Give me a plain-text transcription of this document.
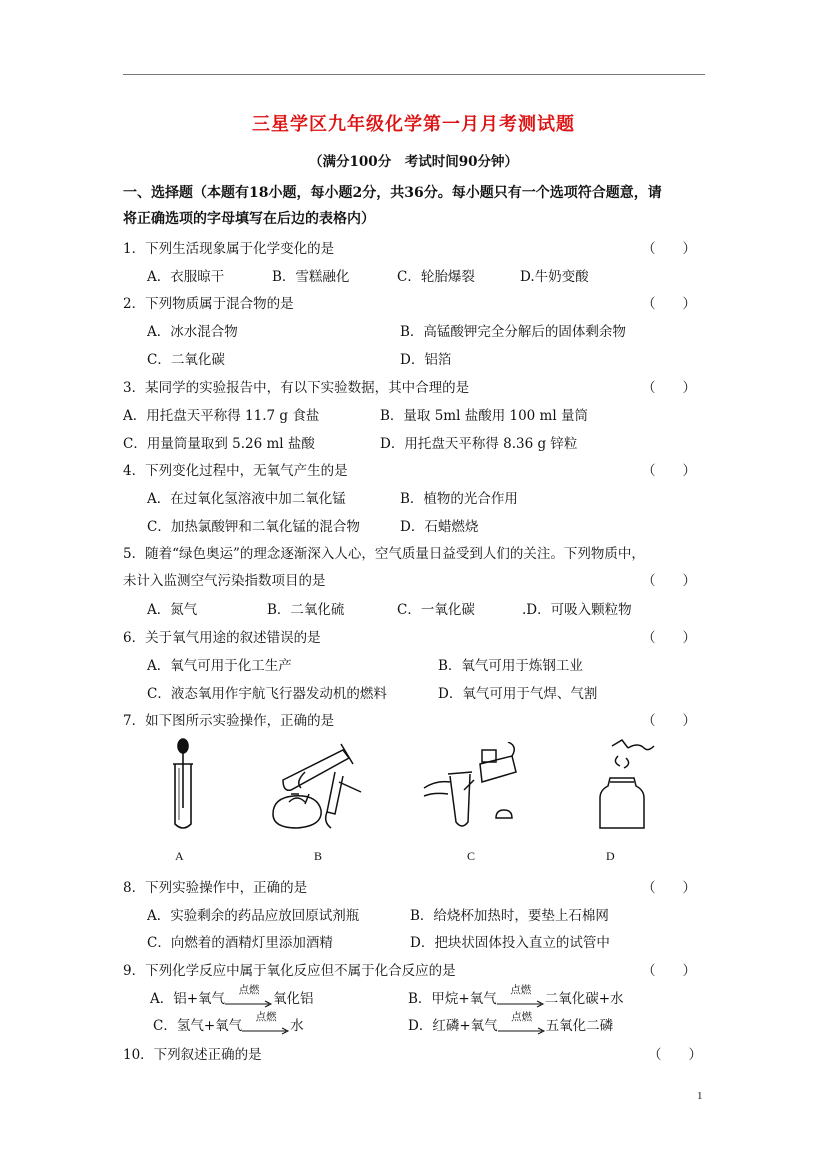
三星学区九年级化学第一月月考测试题
（满分100分　考试时间90分钟）
一、选择题（本题有18小题，每小题2分，共36分。每小题只有一个选项符合题意，请
将正确选项的字母填写在后边的表格内）
1．下列生活现象属于化学变化的是	（　　）
A．衣服晾干	B．雪糕融化	C．轮胎爆裂	D.牛奶变酸
2．下列物质属于混合物的是	（　　）
A．冰水混合物	B．高锰酸钾完全分解后的固体剩余物
C．二氧化碳	D．铝箔
3．某同学的实验报告中，有以下实验数据，其中合理的是	（　　）
A．用托盘天平称得 11.7 g 食盐	B．量取 5ml 盐酸用 100 ml 量筒
C．用量筒量取到 5.26 ml 盐酸	D．用托盘天平称得 8.36 g 锌粒
4．下列变化过程中，无氧气产生的是	（　　）
A．在过氧化氢溶液中加二氧化锰	B．植物的光合作用
C．加热氯酸钾和二氧化锰的混合物	D．石蜡燃烧
5．随着“绿色奥运”的理念逐渐深入人心，空气质量日益受到人们的关注。下列物质中，
未计入监测空气污染指数项目的是	（　　）
A．氮气	B．二氧化硫	C．一氧化碳	.D．可吸入颗粒物
6．关于氧气用途的叙述错误的是	（　　）
A．氧气可用于化工生产	B．氧气可用于炼钢工业
C．液态氧用作宇航飞行器发动机的燃料	D．氧气可用于气焊、气割
7．如下图所示实验操作，正确的是	（　　）
A	B	C	D
8．下列实验操作中，正确的是	（　　）
A．实验剩余的药品应放回原试剂瓶	B．给烧杯加热时，要垫上石棉网
C．向燃着的酒精灯里添加酒精	D．把块状固体投入直立的试管中
9．下列化学反应中属于氧化反应但不属于化合反应的是	（　　）
A．铝+氧气
点燃
氧化铝	B．甲烷+氧气
点燃
二氧化碳+水
C．氢气+氧气
点燃
水	D．红磷+氧气
点燃
五氧化二磷
10．下列叙述正确的是	（　　）
1
